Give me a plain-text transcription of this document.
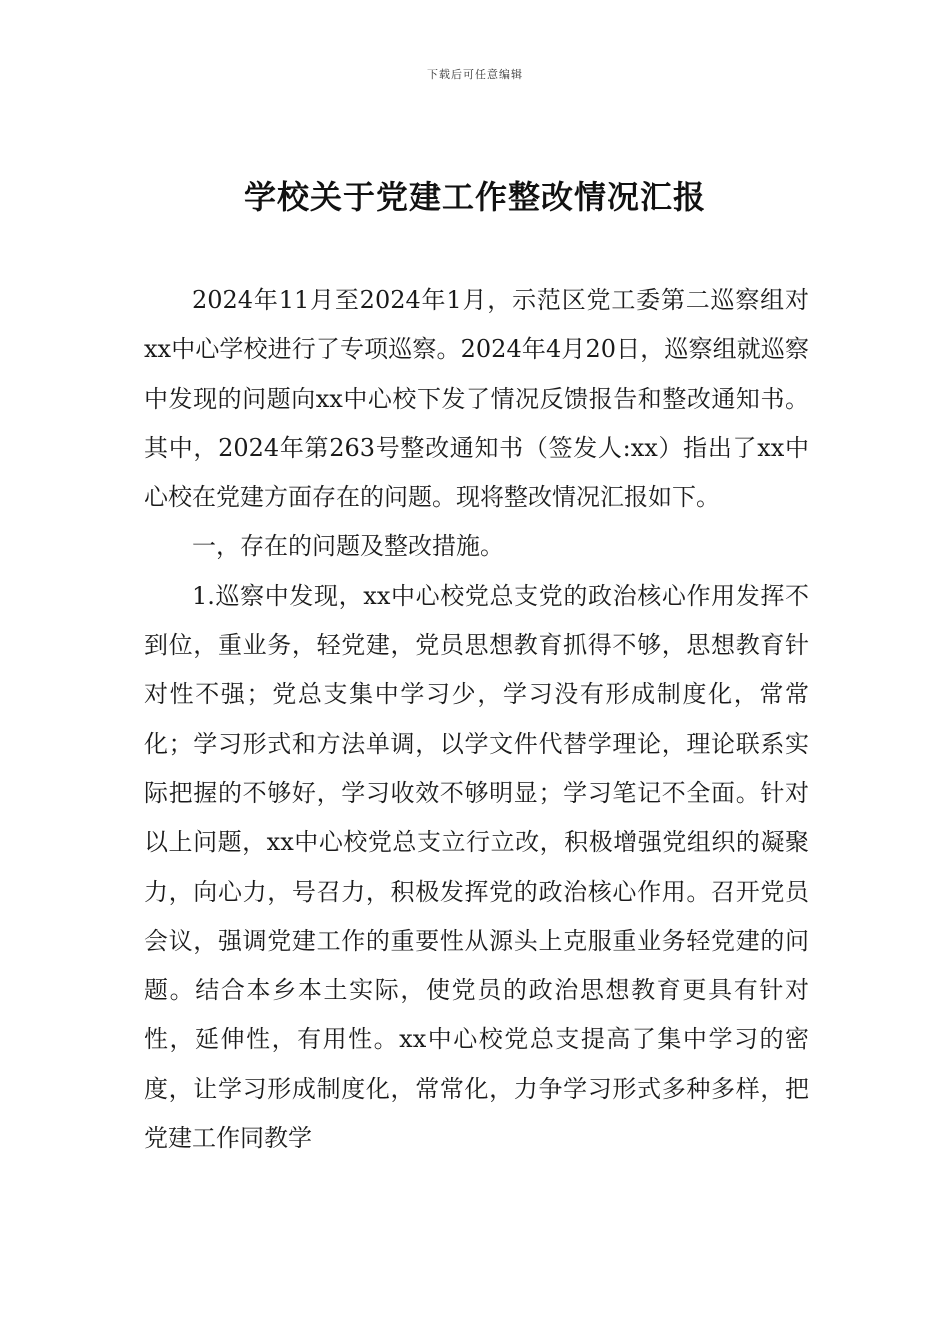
下载后可任意编辑
学校关于党建工作整改情况汇报

2024年11月至2024年1月，示范区党工委第二巡察组对xx中心学校进行了专项巡察。2024年4月20日，巡察组就巡察中发现的问题向xx中心校下发了情况反馈报告和整改通知书。其中，2024年第263号整改通知书（签发人:xx）指出了xx中心校在党建方面存在的问题。现将整改情况汇报如下。

一，存在的问题及整改措施。

1.巡察中发现，xx中心校党总支党的政治核心作用发挥不到位，重业务，轻党建，党员思想教育抓得不够，思想教育针对性不强；党总支集中学习少，学习没有形成制度化，常常化；学习形式和方法单调，以学文件代替学理论，理论联系实际把握的不够好，学习收效不够明显；学习笔记不全面。针对以上问题，xx中心校党总支立行立改，积极增强党组织的凝聚力，向心力，号召力，积极发挥党的政治核心作用。召开党员会议，强调党建工作的重要性从源头上克服重业务轻党建的问题。结合本乡本土实际，使党员的政治思想教育更具有针对性，延伸性，有用性。xx中心校党总支提高了集中学习的密度，让学习形成制度化，常常化，力争学习形式多种多样，把党建工作同教学
